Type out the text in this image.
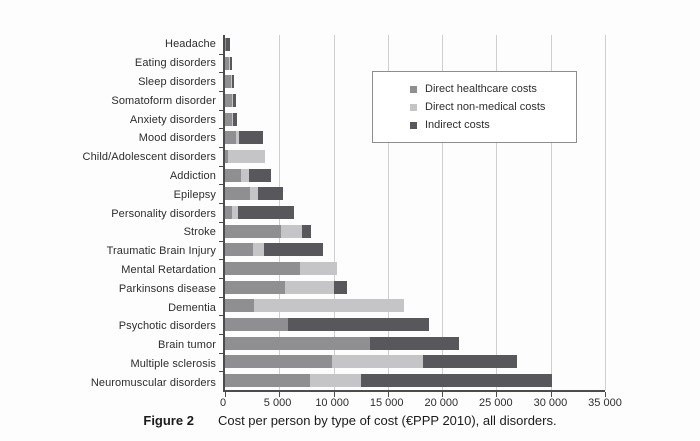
Headache
Eating disorders
Sleep disorders
Somatoform disorder
Anxiety disorders
Mood disorders
Child/Adolescent disorders
Addiction
Epilepsy
Personality disorders
Stroke
Traumatic Brain Injury
Mental Retardation
Parkinsons disease
Dementia
Psychotic disorders
Brain tumor
Multiple sclerosis
Neuromuscular disorders
0	5 000	10 000	15 000	20 000	25 000	30 000	35 000
Direct healthcare costs
Direct non-medical costs
Indirect costs
Figure 2 Cost per person by type of cost (€PPP 2010), all disorders.
